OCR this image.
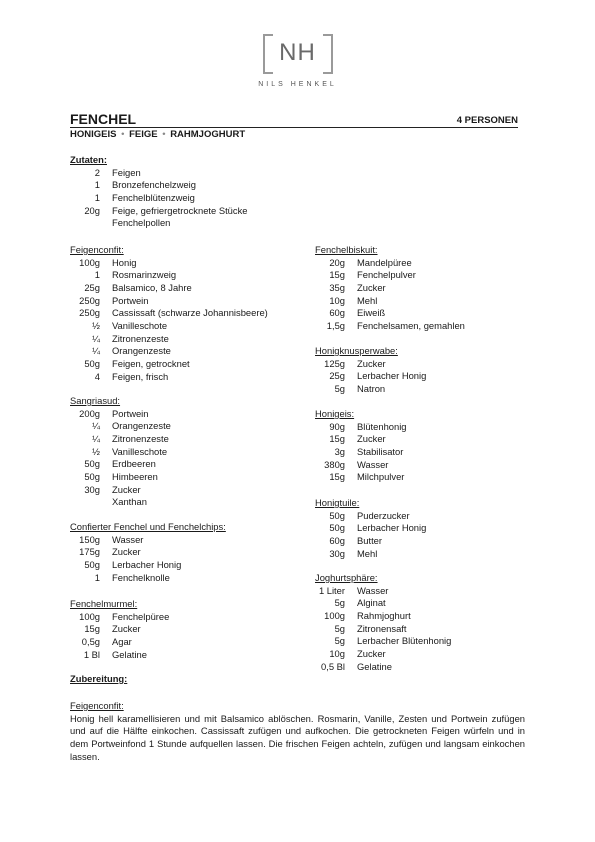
NH
NILS HENKEL
FENCHEL	4 PERSONEN
HONIGEIS • FEIGE • RAHMJOGHURT
Zutaten:
2	Feigen
1	Bronzefenchelzweig
1	Fenchelblütenzweig
20g	Feige, gefriergetrocknete Stücke
Fenchelpollen
Feigenconfit:
100g	Honig
1	Rosmarinzweig
25g	Balsamico, 8 Jahre
250g	Portwein
250g	Cassissaft (schwarze Johannisbeere)
½	Vanilleschote
¼	Zitronenzeste
¼	Orangenzeste
50g	Feigen, getrocknet
4	Feigen, frisch
Sangriasud:
200g	Portwein
¼	Orangenzeste
¼	Zitronenzeste
½	Vanilleschote
50g	Erdbeeren
50g	Himbeeren
30g	Zucker
Xanthan
Confierter Fenchel und Fenchelchips:
150g	Wasser
175g	Zucker
50g	Lerbacher Honig
1	Fenchelknolle
Fenchelmurmel:
100g	Fenchelpüree
15g	Zucker
0,5g	Agar
1 Bl	Gelatine
Fenchelbiskuit:
20g	Mandelpüree
15g	Fenchelpulver
35g	Zucker
10g	Mehl
60g	Eiweiß
1,5g	Fenchelsamen, gemahlen
Honigknusperwabe:
125g	Zucker
25g	Lerbacher Honig
5g	Natron
Honigeis:
90g	Blütenhonig
15g	Zucker
3g	Stabilisator
380g	Wasser
15g	Milchpulver
Honigtuile:
50g	Puderzucker
50g	Lerbacher Honig
60g	Butter
30g	Mehl
Joghurtsphäre:
1 Liter	Wasser
5g	Alginat
100g	Rahmjoghurt
5g	Zitronensaft
5g	Lerbacher Blütenhonig
10g	Zucker
0,5 Bl	Gelatine
Zubereitung:
Feigenconfit:

Honig hell karamellisieren und mit Balsamico ablöschen. Rosmarin, Vanille, Zesten und Portwein zufügen und auf die Hälfte einkochen. Cassissaft zufügen und aufkochen. Die getrockneten Feigen würfeln und in dem Portweinfond 1 Stunde aufquellen lassen. Die frischen Feigen achteln, zufügen und langsam einkochen lassen.
